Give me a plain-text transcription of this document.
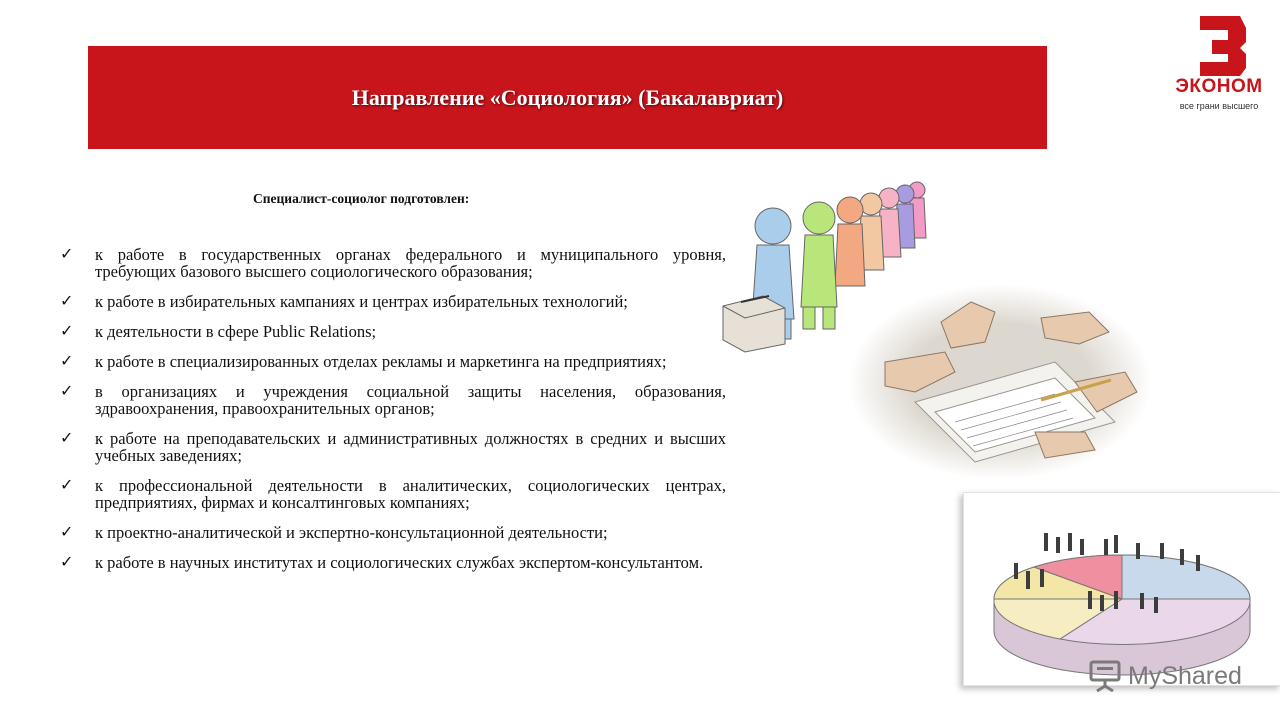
Направление «Социология» (Бакалавриат)	ЭКОНОМ
все грани высшего
Специалист-социолог подготовлен:
✓ к работе в государственных органах федерального и муниципального уровня, требующих базового высшего социологического образования;
✓ к работе в избирательных кампаниях и центрах избирательных технологий;
✓ к деятельности в сфере Public Relations;
✓ к работе в специализированных отделах рекламы и маркетинга на предприятиях;
✓ в организациях и учреждения социальной защиты населения, образования, здравоохранения, правоохранительных органов;
✓ к работе на преподавательских и административных должностях в средних и высших учебных заведениях;
✓ к профессиональной деятельности в аналитических, социологических центрах, предприятиях, фирмах и консалтинговых компаниях;
✓ к проектно-аналитической и экспертно-консультационной деятельности;
✓ к работе в научных институтах и социологических службах экспертом-консультантом.
MyShared
